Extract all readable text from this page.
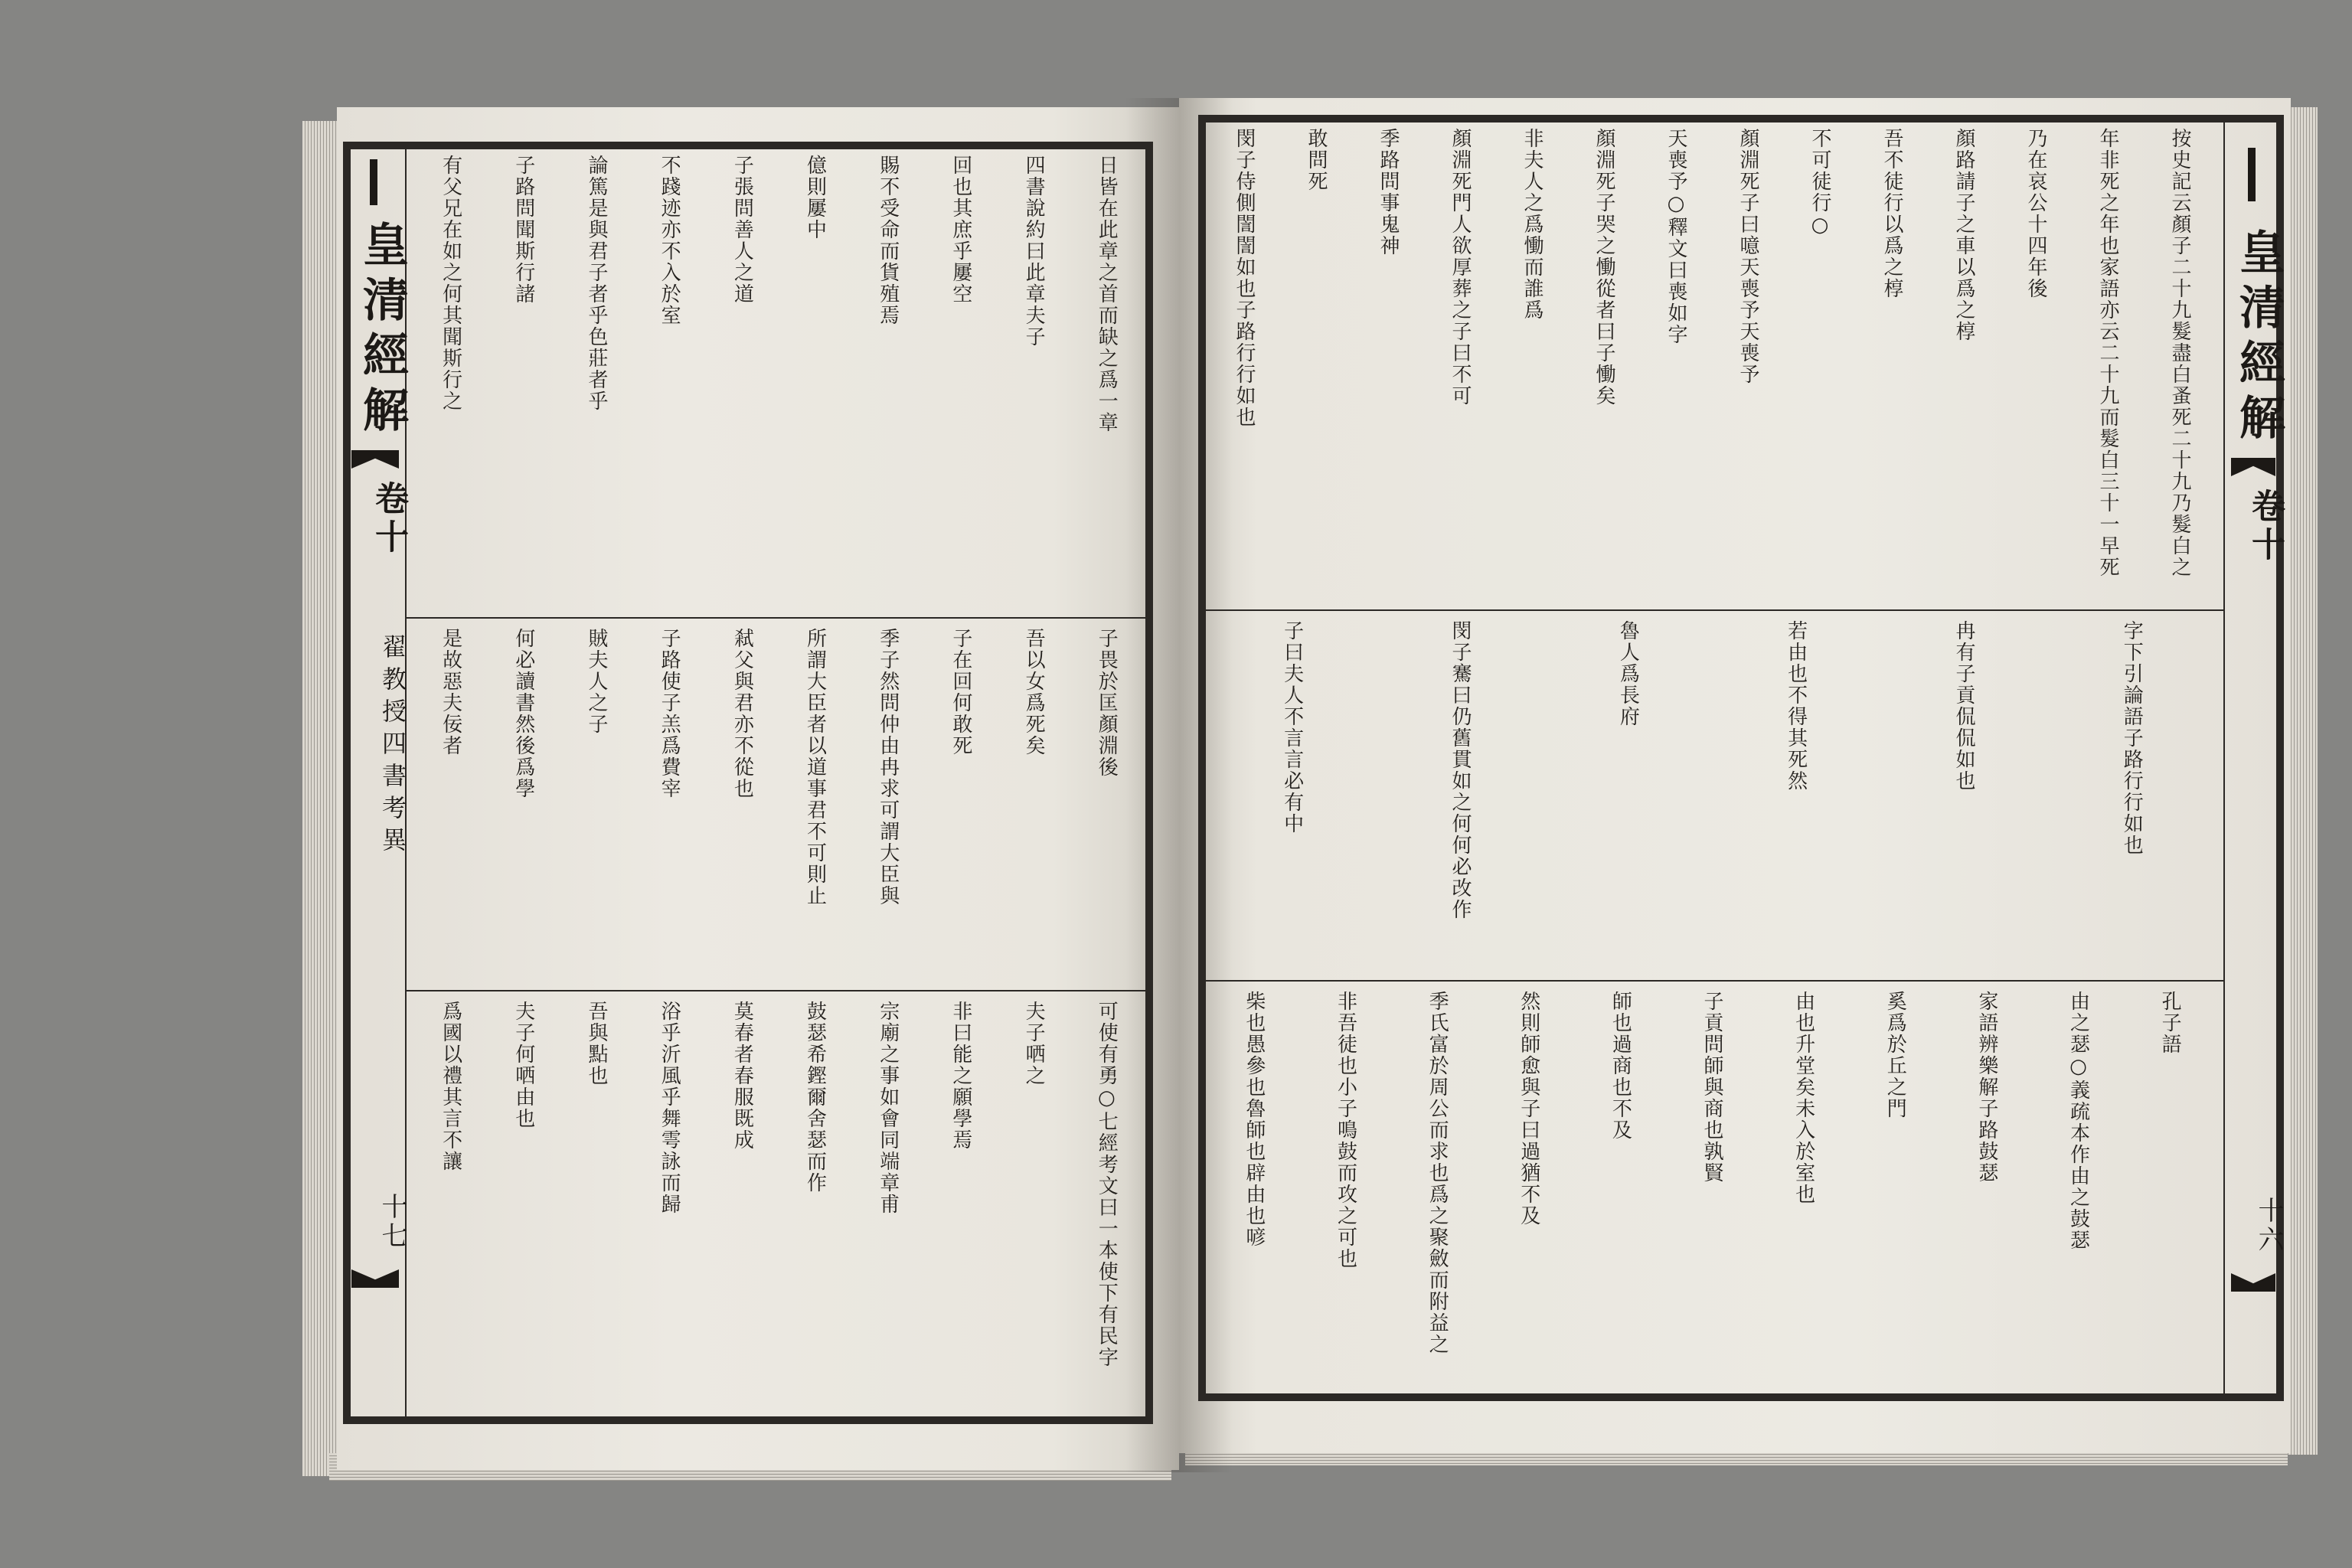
皇清經解
卷十
翟教授四書考異
十七
日皆在此章之首而缺之爲一章
四書說約曰此章夫子
回也其庶乎屢空
賜不受命而貨殖焉
億則屢中
子張問善人之道
不踐迹亦不入於室
論篤是與君子者乎色莊者乎
子路問聞斯行諸
有父兄在如之何其聞斯行之
子畏於匡顏淵後
吾以女爲死矣
子在回何敢死
季子然問仲由冉求可謂大臣與
所謂大臣者以道事君不可則止
弒父與君亦不從也
子路使子羔爲費宰
賊夫人之子
何必讀書然後爲學
是故惡夫佞者
可使有勇○七經考文曰一本使下有民字
夫子哂之
非曰能之願學焉
宗廟之事如會同端章甫
鼓瑟希鏗爾舍瑟而作
莫春者春服既成
浴乎沂風乎舞雩詠而歸
吾與點也
夫子何哂由也
爲國以禮其言不讓
按史記云顏子二十九髮盡白蚤死二十九乃髮白之
年非死之年也家語亦云二十九而髮白三十一早死
乃在哀公十四年後
顏路請子之車以爲之椁
吾不徒行以爲之椁
不可徒行○
顏淵死子曰噫天喪予天喪予
天喪予○釋文曰喪如字
顏淵死子哭之慟從者曰子慟矣
非夫人之爲慟而誰爲
顏淵死門人欲厚葬之子曰不可
季路問事鬼神
敢問死
閔子侍側誾誾如也子路行行如也
字下引論語子路行行如也
冉有子貢侃侃如也
若由也不得其死然
魯人爲長府
閔子騫曰仍舊貫如之何何必改作
子曰夫人不言言必有中
孔子語
由之瑟○義疏本作由之鼓瑟
家語辨樂解子路鼓瑟
奚爲於丘之門
由也升堂矣未入於室也
子貢問師與商也孰賢
師也過商也不及
然則師愈與子曰過猶不及
季氏富於周公而求也爲之聚斂而附益之
非吾徒也小子鳴鼓而攻之可也
柴也愚參也魯師也辟由也喭
皇清經解
卷十
十六
